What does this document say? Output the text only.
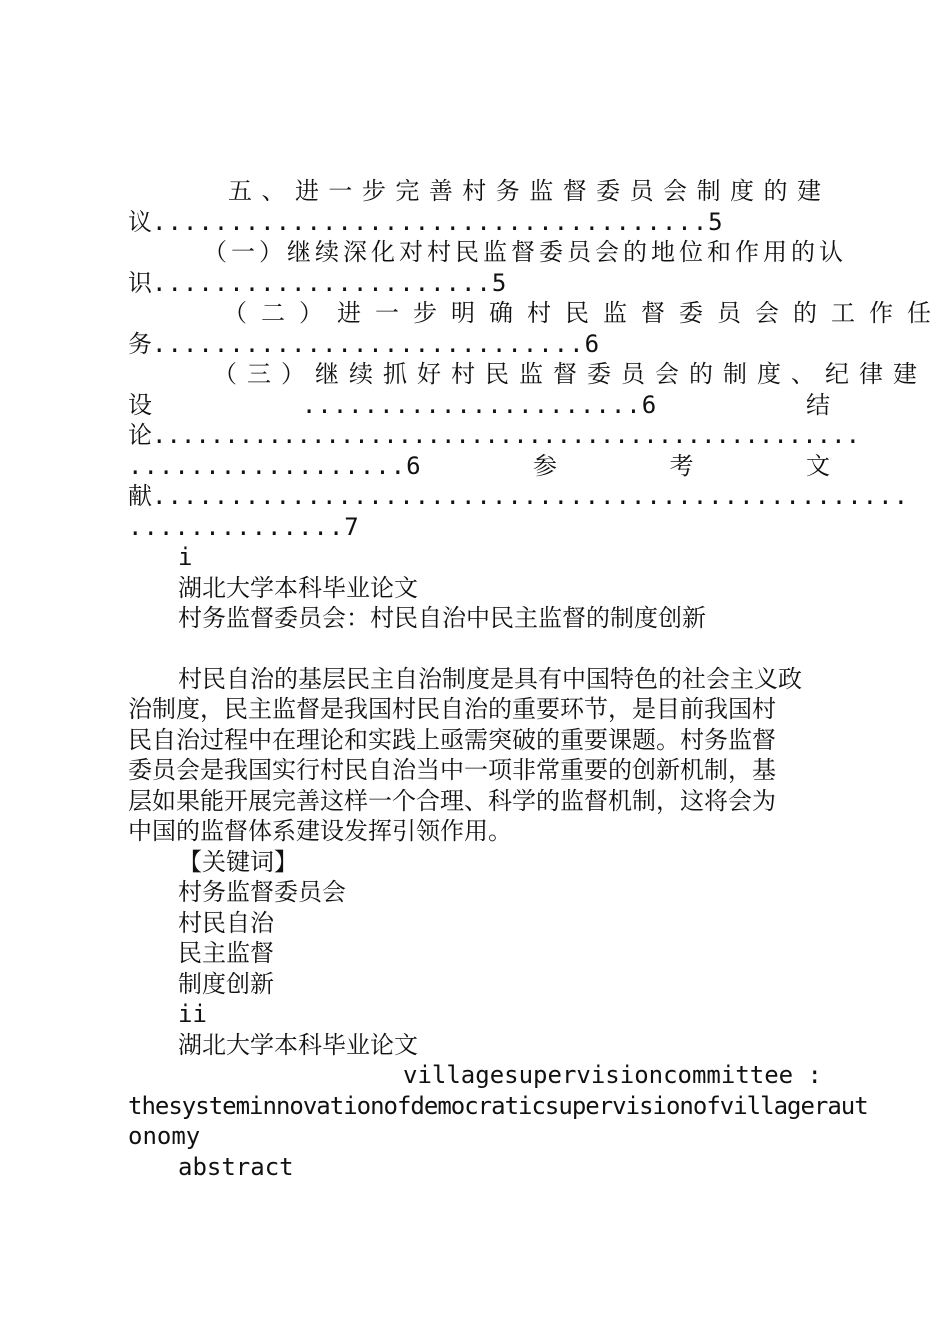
五、进一步完善村务监督委员会制度的建
议....................................5
（一）继续深化对村民监督委员会的地位和作用的认
识......................5
（二）进一步明确村民监督委员会的工作任
务............................6
（三）继续抓好村民监督委员会的制度、纪律建
设	......................6	结
论 .................................................
..................6	参	考	文
献 .................................................
..............7
i
湖北大学本科毕业论文
村务监督委员会：村民自治中民主监督的制度创新
村民自治的基层民主自治制度是具有中国特色的社会主义政
治制度，民主监督是我国村民自治的重要环节，是目前我国村
民自治过程中在理论和实践上亟需突破的重要课题。村务监督
委员会是我国实行村民自治当中一项非常重要的创新机制，基
层如果能开展完善这样一个合理、科学的监督机制，这将会为
中国的监督体系建设发挥引领作用。
【关键词】
村务监督委员会
村民自治
民主监督
制度创新
ii
湖北大学本科毕业论文
villagesupervisioncommittee :
thesysteminnovationofdemocraticsupervisionofvillageraut
onomy
abstract
